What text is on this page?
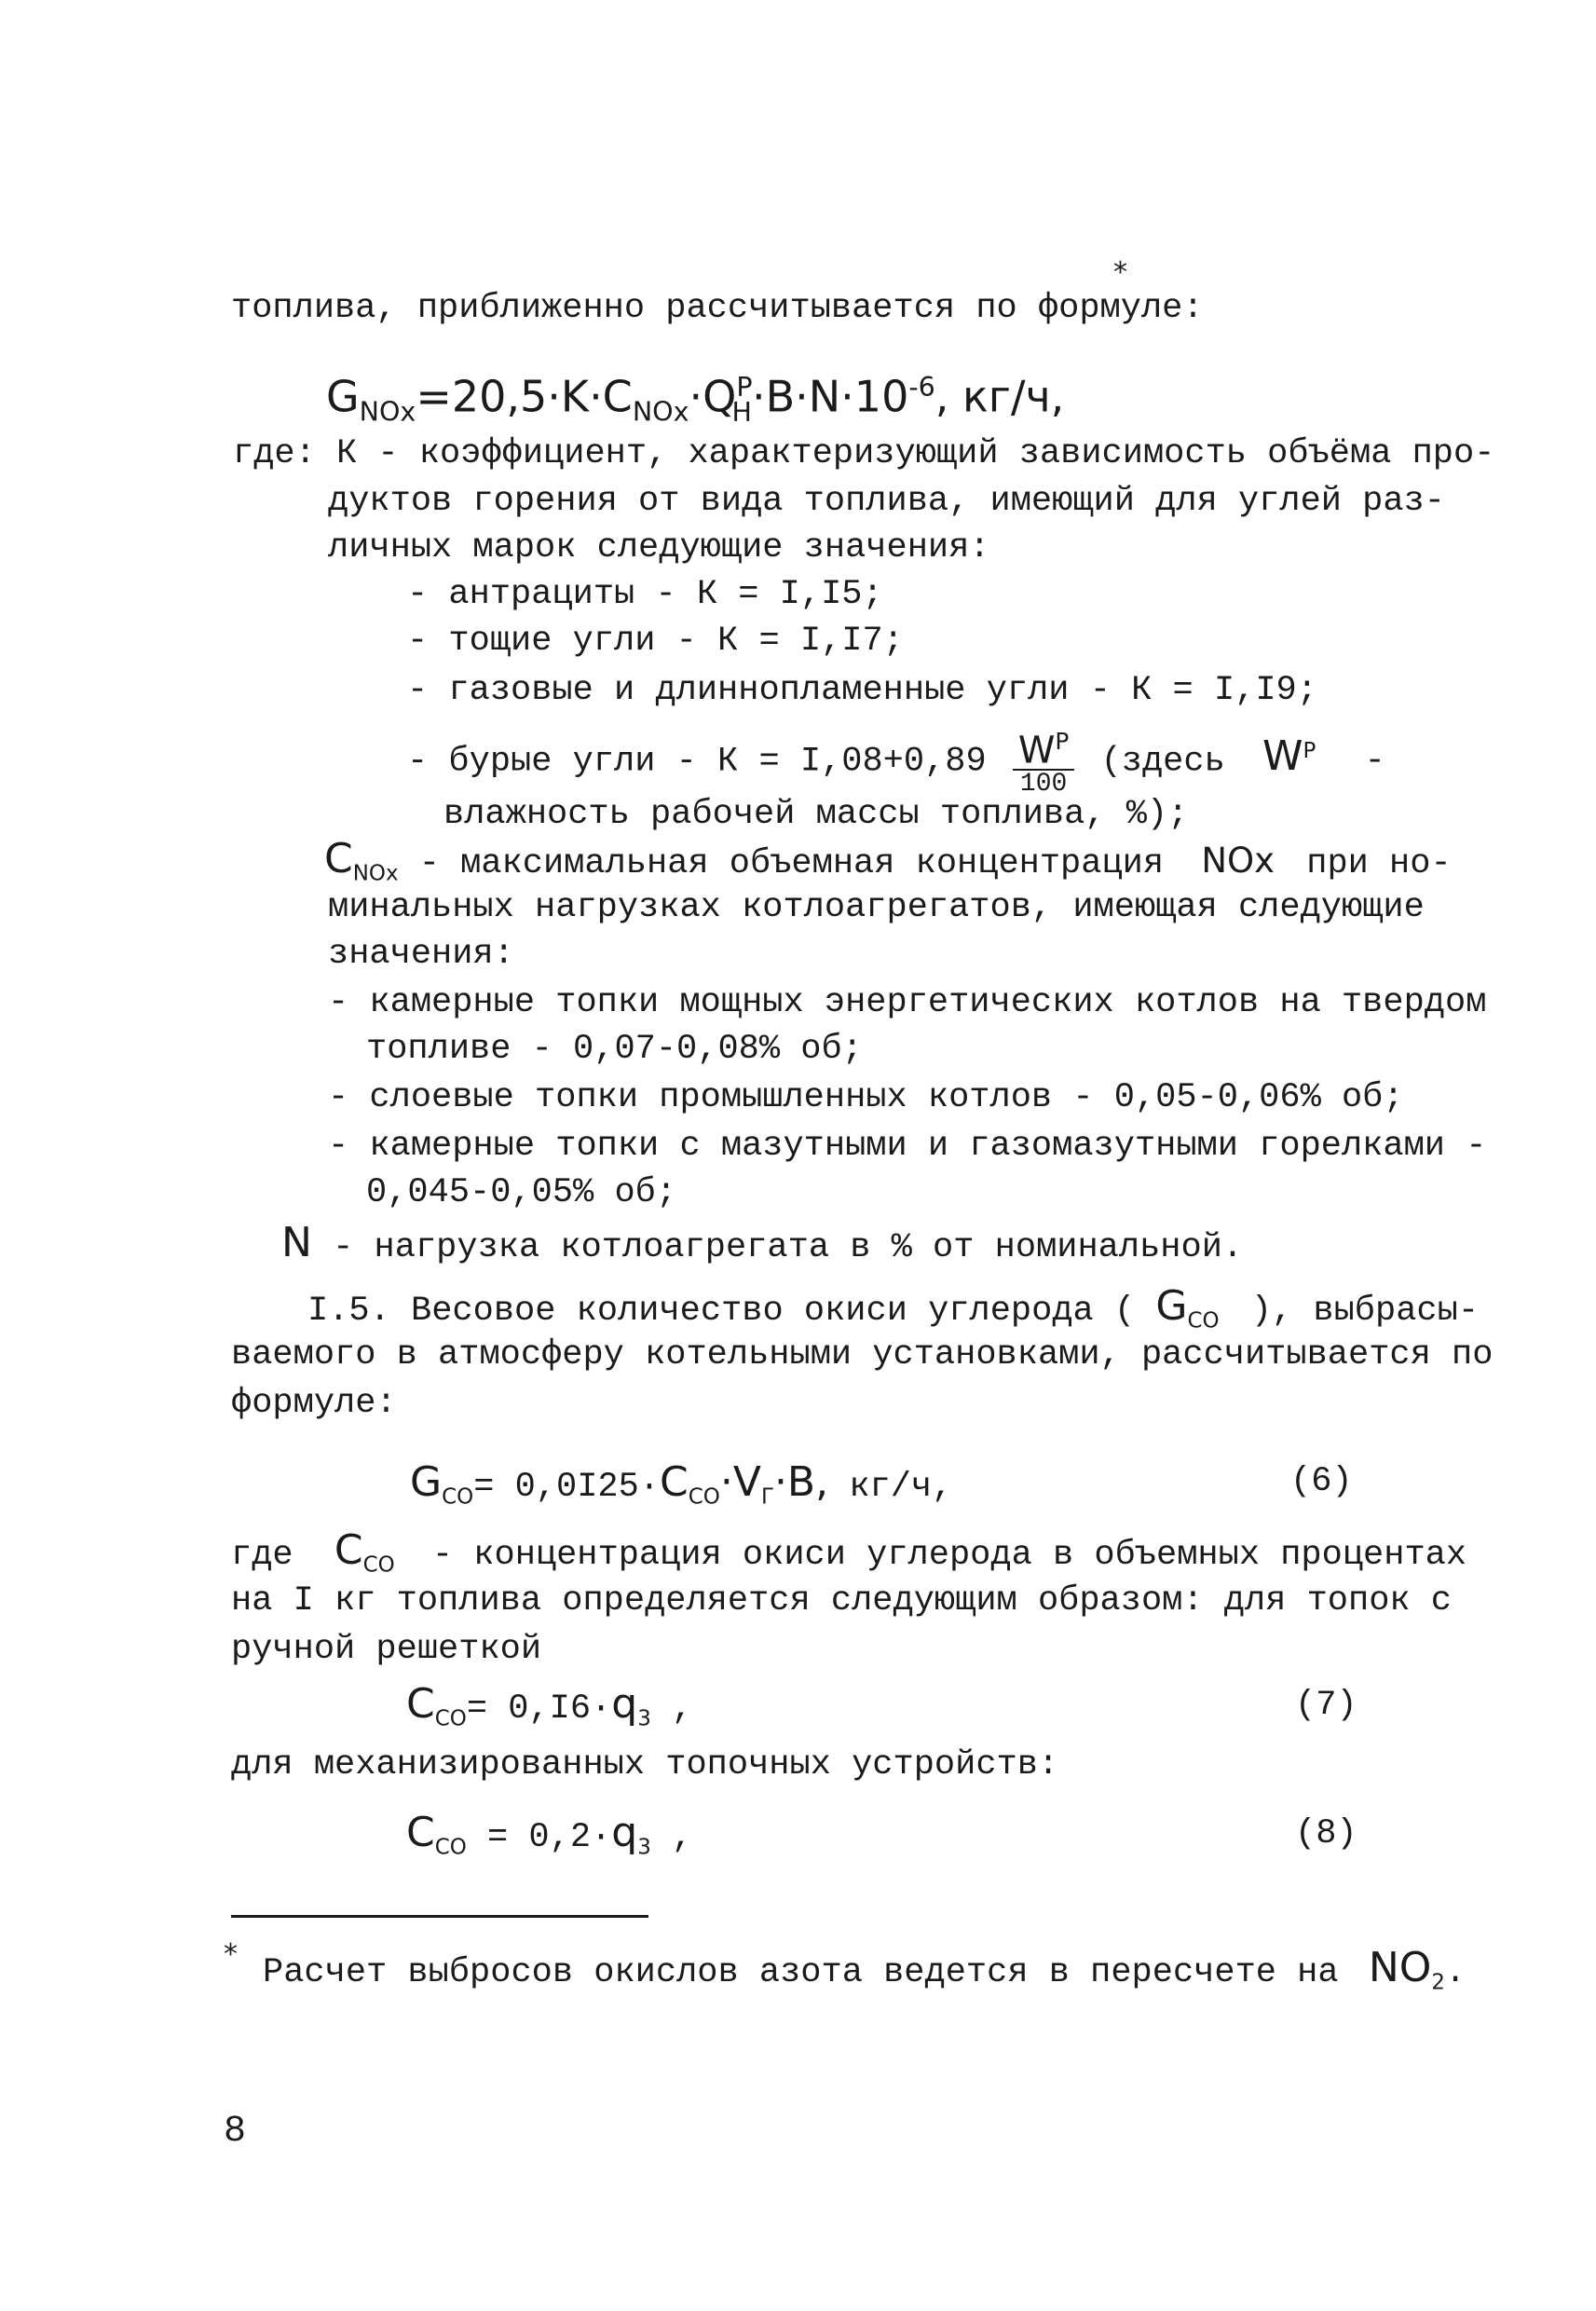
топлива, приближенно рассчитывается по формуле:
*
$G_{NOx}=20,5\cdot K\cdot C_{NOx}\cdot Q^P_H\cdot B\cdot N\cdot 10^{-6}$, кг/ч,
где: К - коэффициент, характеризующий зависимость объёма про-
дуктов горения от вида топлива, имеющий для углей раз-
личных марок следующие значения:
- антрациты - К = I,I5;
- тощие угли - К = I,I7;
- газовые и длиннопламенные угли - К = I,I9;
- бурые угли - $К = I,08+0,89 \frac{W^P}{100}$ (здесь $W^P$ -
влажность рабочей массы топлива, %);
$C_{NOx}$ - максимальная объемная концентрация NOx при но-
минальных нагрузках котлоагрегатов, имеющая следующие
значения:
- камерные топки мощных энергетических котлов на твердом
топливе - 0,07-0,08% об;
- слоевые топки промышленных котлов - 0,05-0,06% об;
- камерные топки с мазутными и газомазутными горелками -
0,045-0,05% об;
N - нагрузка котлоагрегата в % от номинальной.
I.5. Весовое количество окиси углерода ( $G_{CO}$ ), выбрасы-
ваемого в атмосферу котельными установками, рассчитывается по
формуле:
$G_{CO}= 0,0I25\cdot C_{CO}\cdot V_Г\cdot B$, кг/ч,	(6)
где $C_{CO}$ - концентрация окиси углерода в объемных процентах
на I кг топлива определяется следующим образом: для топок с
ручной решеткой
$C_{CO}= 0,I6\cdot q_3$ ,	(7)
для механизированных топочных устройств:
$C_{CO} = 0,2\cdot q_3$ ,	(8)
* Расчет выбросов окислов азота ведется в пересчете на $NO_2$.
8
